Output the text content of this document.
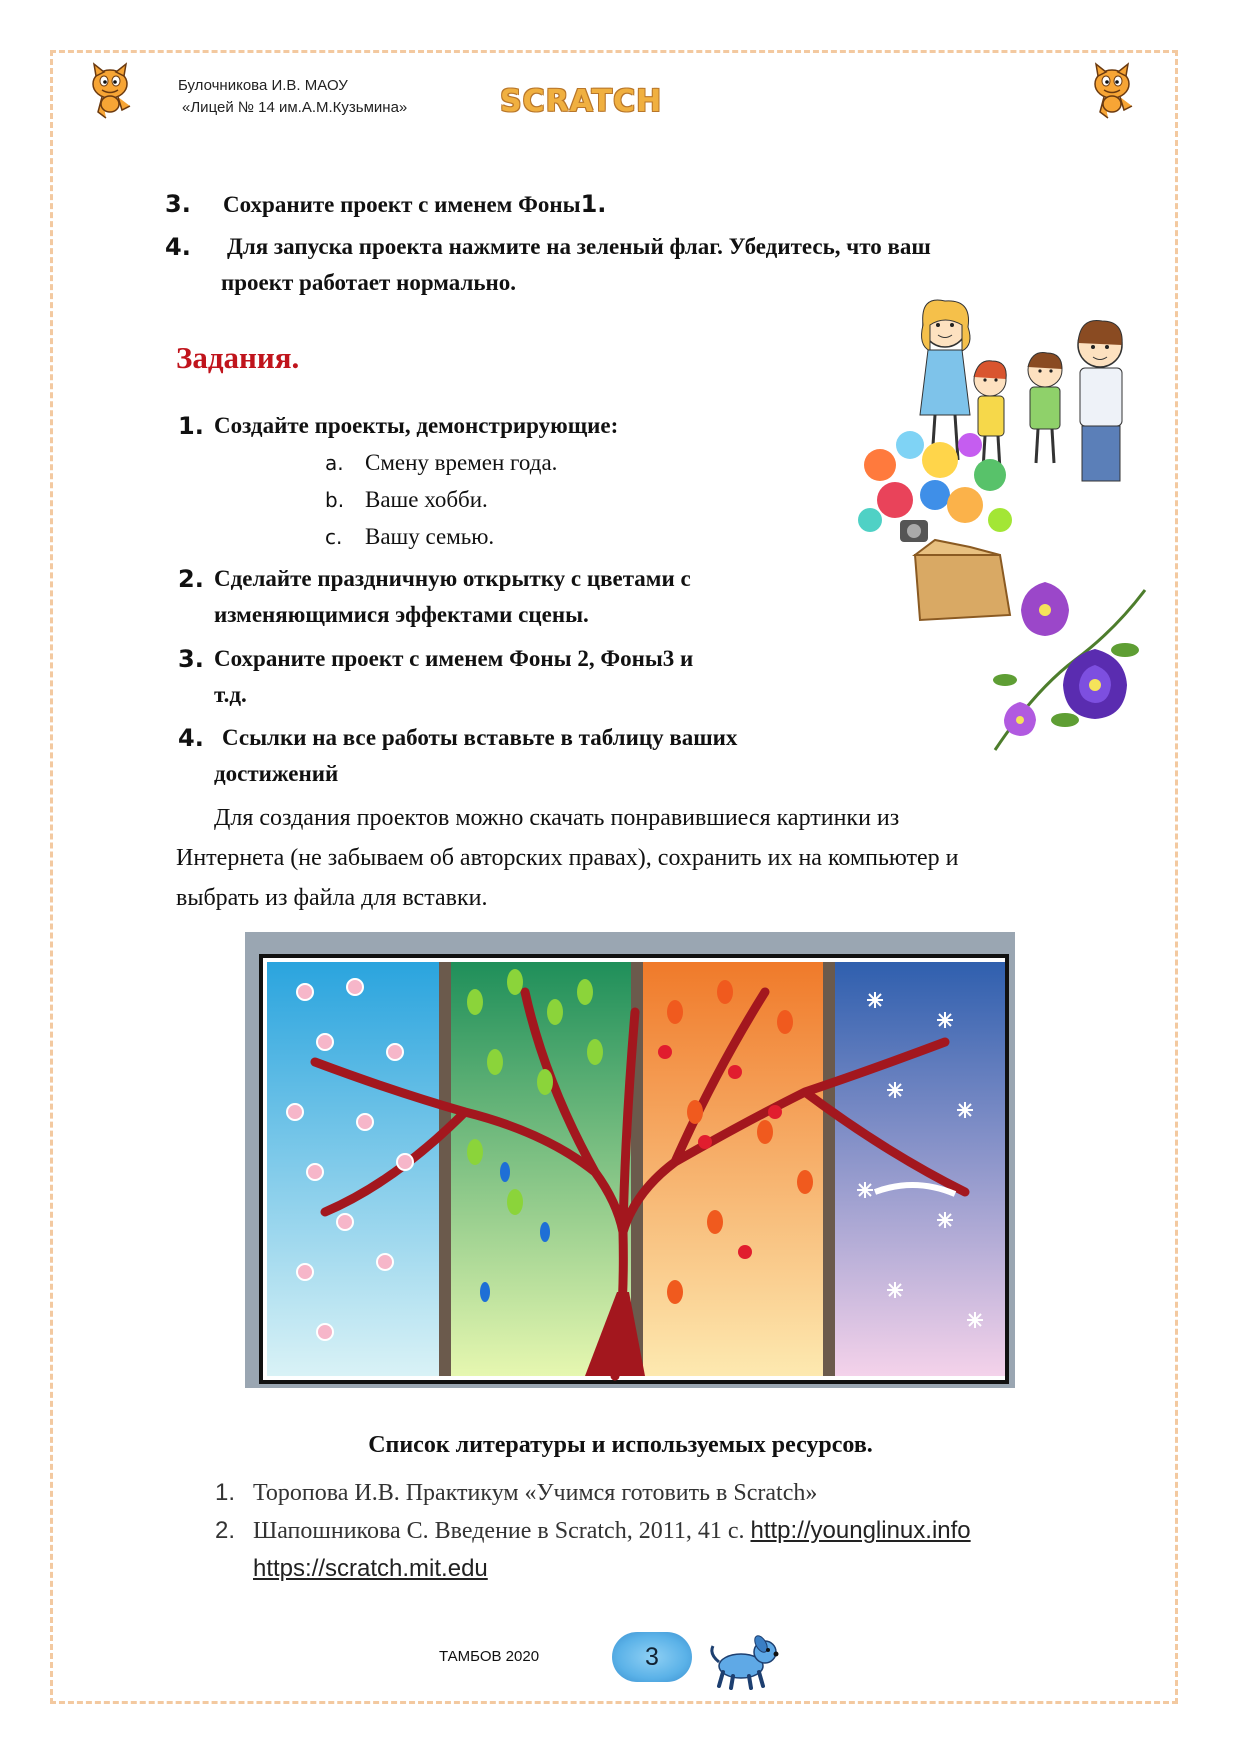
Булочникова И.В. МАОУ
«Лицей № 14 им.А.М.Кузьмина»	SCRATCH
3. Сохраните проект с именем Фоны1.
4. Для запуска проекта нажмите на зеленый флаг. Убедитесь, что ваш
проект работает нормально.
Задания.
1. Создайте проекты, демонстрирующие:
a. Смену времен года.
b. Ваше хобби.
c. Вашу семью.
2. Сделайте праздничную открытку с цветами с
изменяющимися эффектами сцены.
3. Сохраните проект с именем Фоны 2, Фоны3 и
т.д.
4. Ссылки на все работы вставьте в таблицу ваших
достижений
Для создания проектов можно скачать понравившиеся картинки из
Интернета (не забываем об авторских правах), сохранить их на компьютер и
выбрать из файла для вставки.
Список литературы и используемых ресурсов.
1. Торопова И.В. Практикум «Учимся готовить в Scratch»
2. Шапошникова С. Введение в Scratch, 2011, 41 с. http://younglinux.info
https://scratch.mit.edu
ТАМБОВ 2020	3
